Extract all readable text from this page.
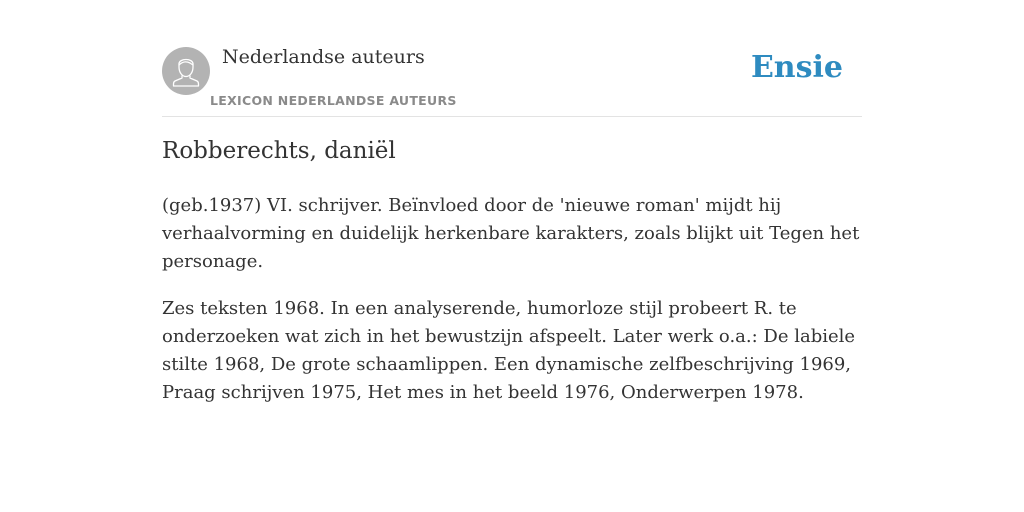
Nederlandse auteurs
LEXICON NEDERLANDSE AUTEURS
Ensie
Robberechts, daniël

(geb.1937) VI. schrijver. Beïnvloed door de 'nieuwe roman' mijdt hij verhaalvorming en duidelijk herkenbare karakters, zoals blijkt uit Tegen het personage.

Zes teksten 1968. In een analyserende, humorloze stijl probeert R. te onderzoeken wat zich in het bewustzijn afspeelt. Later werk o.a.: De labiele stilte 1968, De grote schaamlippen. Een dynamische zelfbeschrijving 1969, Praag schrijven 1975, Het mes in het beeld 1976, Onderwerpen 1978.
